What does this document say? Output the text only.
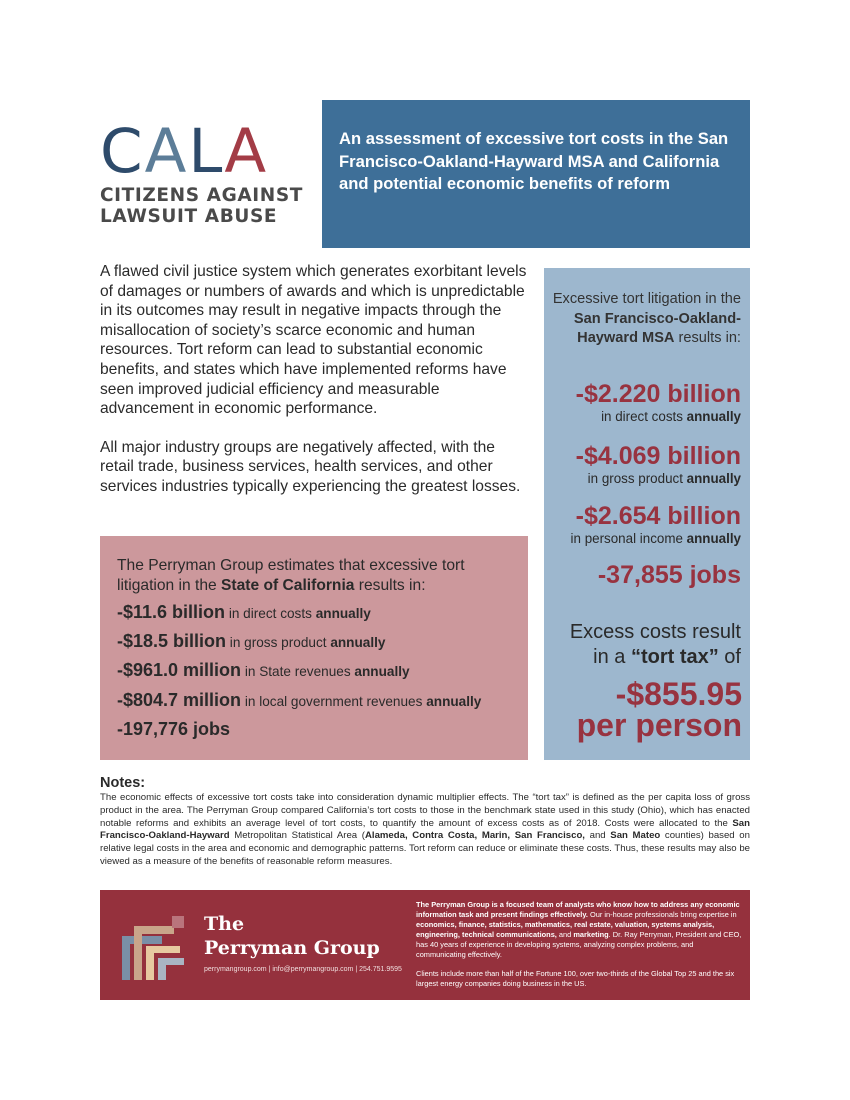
CALA
CITIZENS AGAINST
LAWSUIT ABUSE
An assessment of excessive tort costs in the San Francisco-Oakland-Hayward MSA and California and potential economic benefits of reform

A flawed civil justice system which generates exorbitant levels of damages or numbers of awards and which is unpredictable in its outcomes may result in negative impacts through the misallocation of society’s scarce economic and human resources. Tort reform can lead to substantial economic benefits, and states which have implemented reforms have seen improved judicial efficiency and measurable advancement in economic performance.

All major industry groups are negatively affected, with the retail trade, business services, health services, and other services industries typically experiencing the greatest losses.

The Perryman Group estimates that excessive tort litigation in the State of California results in:
-$11.6 billion in direct costs annually
-$18.5 billion in gross product annually
-$961.0 million in State revenues annually
-$804.7 million in local government revenues annually
-197,776 jobs
Excessive tort litigation in the San Francisco-Oakland-Hayward MSA results in:
-$2.220 billion
in direct costs annually
-$4.069 billion
in gross product annually
-$2.654 billion
in personal income annually
-37,855 jobs
Excess costs result
in a “tort tax” of
-$855.95
per person
Notes:
The economic effects of excessive tort costs take into consideration dynamic multiplier effects. The “tort tax” is defined as the per capita loss of gross product in the area. The Perryman Group compared California’s tort costs to those in the benchmark state used in this study (Ohio), which has enacted notable reforms and exhibits an average level of tort costs, to quantify the amount of excess costs as of 2018. Costs were allocated to the San Francisco-Oakland-Hayward Metropolitan Statistical Area (Alameda, Contra Costa, Marin, San Francisco, and San Mateo counties) based on relative legal costs in the area and economic and demographic patterns. Tort reform can reduce or eliminate these costs. Thus, these results may also be viewed as a measure of the benefits of reasonable reform measures.
The
Perryman Group
perrymangroup.com | info@perrymangroup.com | 254.751.9595

The Perryman Group is a focused team of analysts who know how to address any economic information task and present findings effectively. Our in-house professionals bring expertise in economics, finance, statistics, mathematics, real estate, valuation, systems analysis, engineering, technical communications, and marketing. Dr. Ray Perryman, President and CEO, has 40 years of experience in developing systems, analyzing complex problems, and communicating effectively.

Clients include more than half of the Fortune 100, over two-thirds of the Global Top 25 and the six largest energy companies doing business in the US.
